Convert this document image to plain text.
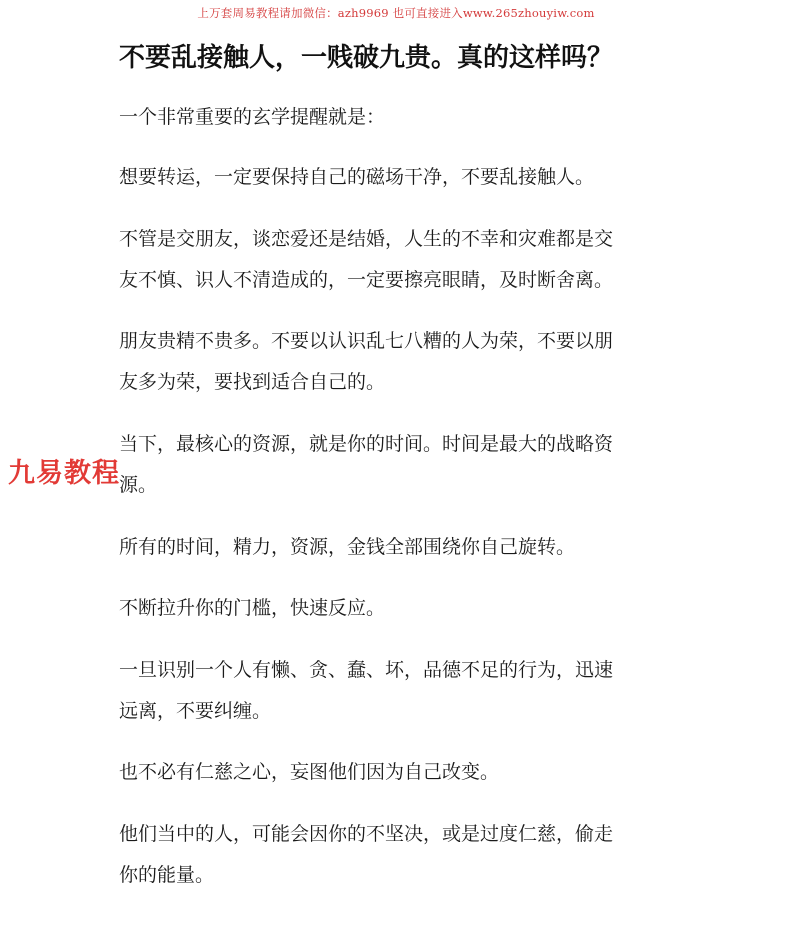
上万套周易教程请加微信：azh9969 也可直接进入www.265zhouyiw.com
九易教程
不要乱接触人，一贱破九贵。真的这样吗？

一个非常重要的玄学提醒就是：

想要转运，一定要保持自己的磁场干净，不要乱接触人。

不管是交朋友，谈恋爱还是结婚，人生的不幸和灾难都是交
友不慎、识人不清造成的，一定要擦亮眼睛，及时断舍离。

朋友贵精不贵多。不要以认识乱七八糟的人为荣，不要以朋
友多为荣，要找到适合自己的。

当下，最核心的资源，就是你的时间。时间是最大的战略资
源。

所有的时间，精力，资源，金钱全部围绕你自己旋转。

不断拉升你的门槛，快速反应。

一旦识别一个人有懒、贪、蠢、坏，品德不足的行为，迅速
远离，不要纠缠。

也不必有仁慈之心，妄图他们因为自己改变。

他们当中的人，可能会因你的不坚决，或是过度仁慈，偷走
你的能量。
